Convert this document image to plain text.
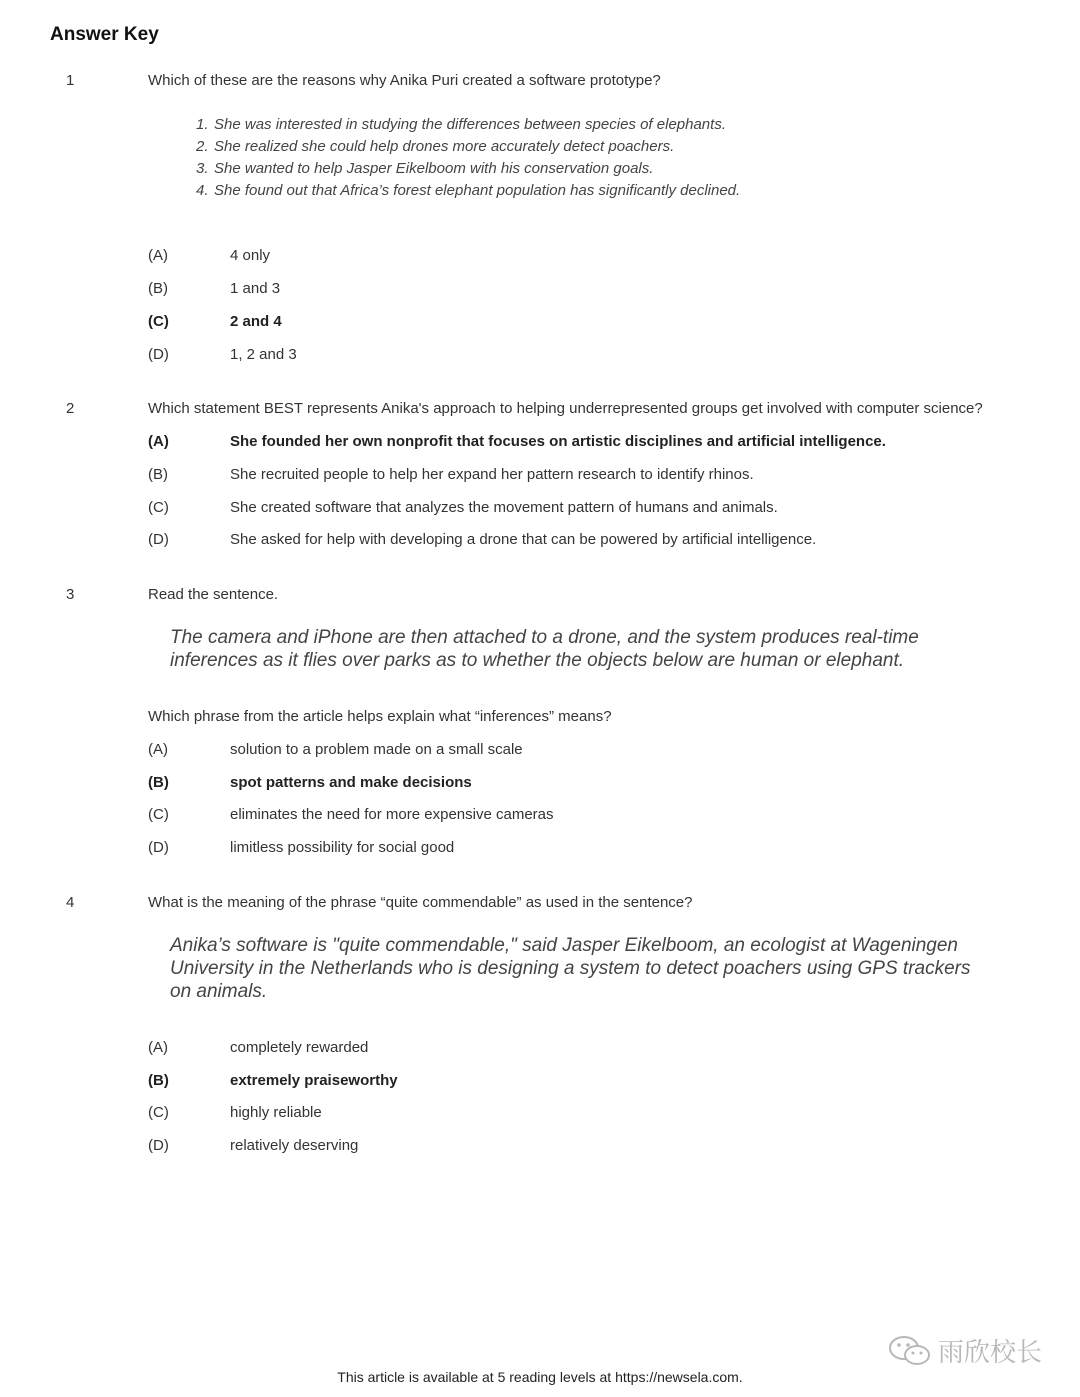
Answer Key
1	Which of these are the reasons why Anika Puri created a software prototype?
1. She was interested in studying the differences between species of elephants.
2. She realized she could help drones more accurately detect poachers.
3. She wanted to help Jasper Eikelboom with his conservation goals.
4. She found out that Africa’s forest elephant population has significantly declined.
(A)	4 only
(B)	1 and 3
(C)	2 and 4
(D)	1, 2 and 3
2	Which statement BEST represents Anika's approach to helping underrepresented groups get involved with computer science?
(A)	She founded her own nonprofit that focuses on artistic disciplines and artificial intelligence.
(B)	She recruited people to help her expand her pattern research to identify rhinos.
(C)	She created software that analyzes the movement pattern of humans and animals.
(D)	She asked for help with developing a drone that can be powered by artificial intelligence.
3	Read the sentence.
The camera and iPhone are then attached to a drone, and the system produces real-time
inferences as it flies over parks as to whether the objects below are human or elephant.
Which phrase from the article helps explain what “inferences” means?
(A)	solution to a problem made on a small scale
(B)	spot patterns and make decisions
(C)	eliminates the need for more expensive cameras
(D)	limitless possibility for social good
4	What is the meaning of the phrase “quite commendable” as used in the sentence?
Anika’s software is "quite commendable," said Jasper Eikelboom, an ecologist at Wageningen
University in the Netherlands who is designing a system to detect poachers using GPS trackers
on animals.
(A)	completely rewarded
(B)	extremely praiseworthy
(C)	highly reliable
(D)	relatively deserving
雨欣校长
This article is available at 5 reading levels at https://newsela.com.
